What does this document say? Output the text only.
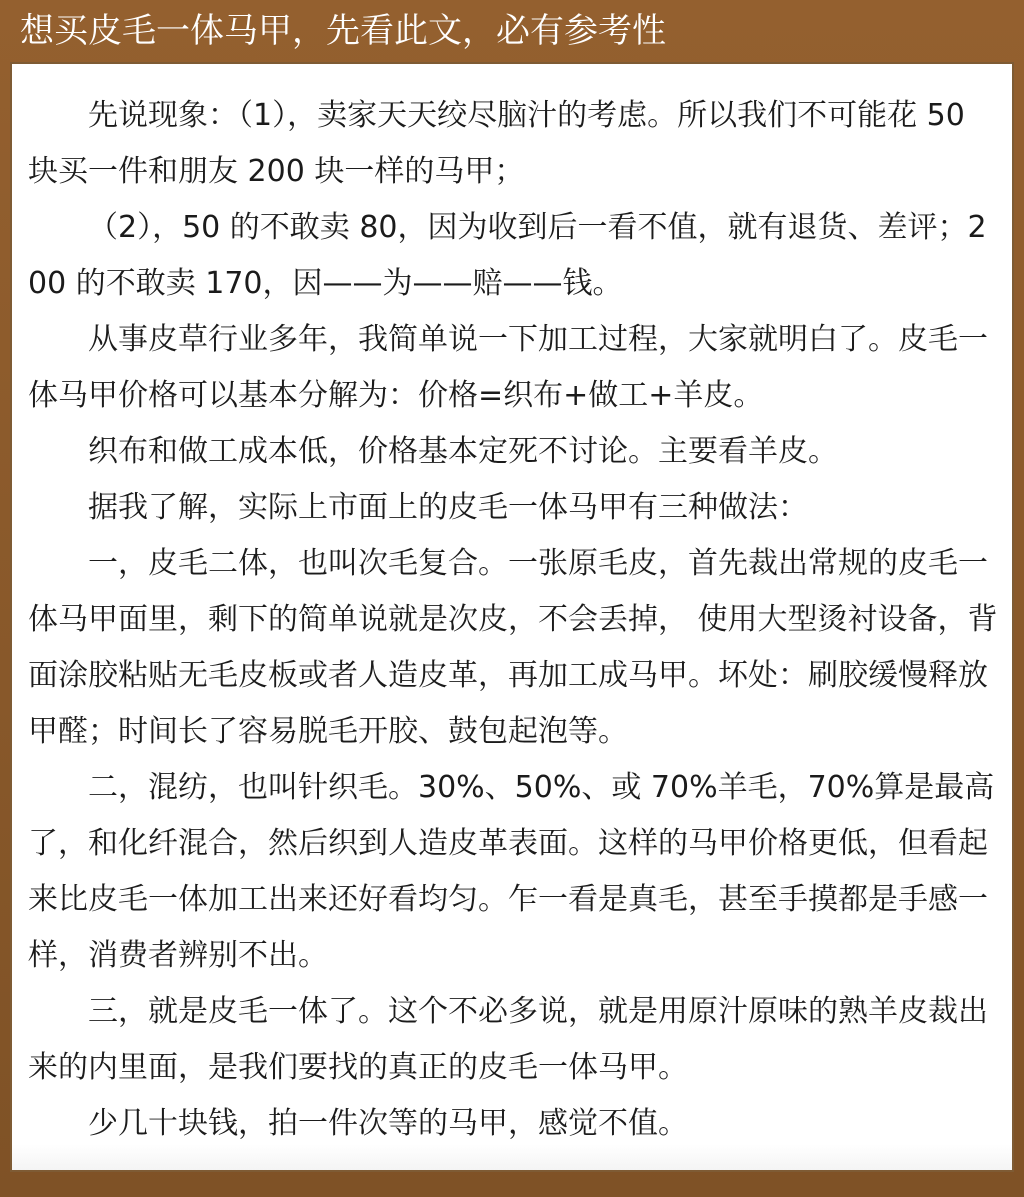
想买皮毛一体马甲，先看此文，必有参考性

先说现象：（1），卖家天天绞尽脑汁的考虑。所以我们不可能花 50 块买一件和朋友 200 块一样的马甲；

（2），50 的不敢卖 80，因为收到后一看不值，就有退货、差评；200 的不敢卖 170，因——为——赔——钱。

从事皮草行业多年，我简单说一下加工过程，大家就明白了。皮毛一体马甲价格可以基本分解为：价格=织布+做工+羊皮。

织布和做工成本低，价格基本定死不讨论。主要看羊皮。

据我了解，实际上市面上的皮毛一体马甲有三种做法：

一，皮毛二体，也叫次毛复合。一张原毛皮，首先裁出常规的皮毛一体马甲面里，剩下的简单说就是次皮，不会丢掉， 使用大型烫衬设备，背面涂胶粘贴无毛皮板或者人造皮革，再加工成马甲。坏处：刷胶缓慢释放甲醛；时间长了容易脱毛开胶、鼓包起泡等。

二，混纺，也叫针织毛。30%、50%、或 70%羊毛，70%算是最高了，和化纤混合，然后织到人造皮革表面。这样的马甲价格更低，但看起来比皮毛一体加工出来还好看均匀。乍一看是真毛，甚至手摸都是手感一样，消费者辨别不出。

三，就是皮毛一体了。这个不必多说，就是用原汁原味的熟羊皮裁出来的内里面，是我们要找的真正的皮毛一体马甲。

少几十块钱，拍一件次等的马甲，感觉不值。
